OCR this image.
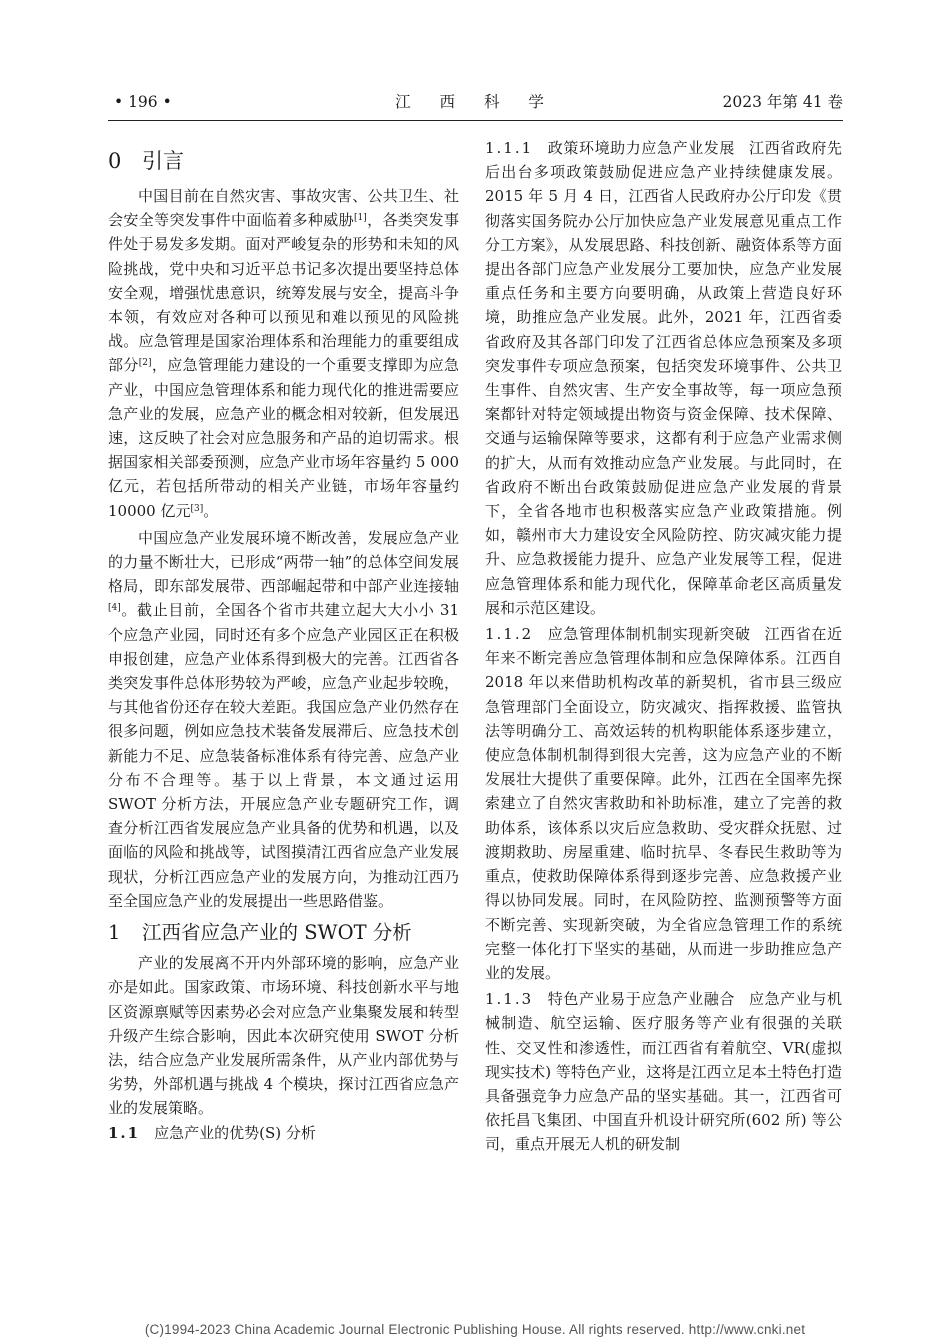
• 196 •	江 西 科 学	2023 年第 41 卷
0 引言

中国目前在自然灾害、事故灾害、公共卫生、社会安全等突发事件中面临着多种威胁[1]，各类突发事件处于易发多发期。面对严峻复杂的形势和未知的风险挑战，党中央和习近平总书记多次提出要坚持总体安全观，增强忧患意识，统筹发展与安全，提高斗争本领，有效应对各种可以预见和难以预见的风险挑战。应急管理是国家治理体系和治理能力的重要组成部分[2]，应急管理能力建设的一个重要支撑即为应急产业，中国应急管理体系和能力现代化的推进需要应急产业的发展，应急产业的概念相对较新，但发展迅速，这反映了社会对应急服务和产品的迫切需求。根据国家相关部委预测，应急产业市场年容量约 5 000 亿元，若包括所带动的相关产业链，市场年容量约10000 亿元[3]。

中国应急产业发展环境不断改善，发展应急产业的力量不断壮大，已形成“两带一轴”的总体空间发展格局，即东部发展带、西部崛起带和中部产业连接轴[4]。截止目前，全国各个省市共建立起大大小小 31 个应急产业园，同时还有多个应急产业园区正在积极申报创建，应急产业体系得到极大的完善。江西省各类突发事件总体形势较为严峻，应急产业起步较晚，与其他省份还存在较大差距。我国应急产业仍然存在很多问题，例如应急技术装备发展滞后、应急技术创新能力不足、应急装备标准体系有待完善、应急产业分布不合理等。基于以上背景，本文通过运用 SWOT 分析方法，开展应急产业专题研究工作，调查分析江西省发展应急产业具备的优势和机遇，以及面临的风险和挑战等，试图摸清江西省应急产业发展现状，分析江西应急产业的发展方向，为推动江西乃至全国应急产业的发展提出一些思路借鉴。

1 江西省应急产业的 SWOT 分析

产业的发展离不开内外部环境的影响，应急产业亦是如此。国家政策、市场环境、科技创新水平与地区资源禀赋等因素势必会对应急产业集聚发展和转型升级产生综合影响，因此本次研究使用 SWOT 分析法，结合应急产业发展所需条件，从产业内部优势与劣势，外部机遇与挑战 4 个模块，探讨江西省应急产业的发展策略。

1.1 应急产业的优势(S) 分析

1.1.1 政策环境助力应急产业发展 江西省政府先后出台多项政策鼓励促进应急产业持续健康发展。2015 年 5 月 4 日，江西省人民政府办公厅印发《贯彻落实国务院办公厅加快应急产业发展意见重点工作分工方案》，从发展思路、科技创新、融资体系等方面提出各部门应急产业发展分工要加快，应急产业发展重点任务和主要方向要明确，从政策上营造良好环境，助推应急产业发展。此外，2021 年，江西省委省政府及其各部门印发了江西省总体应急预案及多项突发事件专项应急预案，包括突发环境事件、公共卫生事件、自然灾害、生产安全事故等，每一项应急预案都针对特定领域提出物资与资金保障、技术保障、交通与运输保障等要求，这都有利于应急产业需求侧的扩大，从而有效推动应急产业发展。与此同时，在省政府不断出台政策鼓励促进应急产业发展的背景下，全省各地市也积极落实应急产业政策措施。例如，赣州市大力建设安全风险防控、防灾减灾能力提升、应急救援能力提升、应急产业发展等工程，促进应急管理体系和能力现代化，保障革命老区高质量发展和示范区建设。

1.1.2 应急管理体制机制实现新突破 江西省在近年来不断完善应急管理体制和应急保障体系。江西自 2018 年以来借助机构改革的新契机，省市县三级应急管理部门全面设立，防灾减灾、指挥救援、监管执法等明确分工、高效运转的机构职能体系逐步建立，使应急体制机制得到很大完善，这为应急产业的不断发展壮大提供了重要保障。此外，江西在全国率先探索建立了自然灾害救助和补助标准，建立了完善的救助体系，该体系以灾后应急救助、受灾群众抚慰、过渡期救助、房屋重建、临时抗旱、冬春民生救助等为重点，使救助保障体系得到逐步完善、应急救援产业得以协同发展。同时，在风险防控、监测预警等方面不断完善、实现新突破，为全省应急管理工作的系统完整一体化打下坚实的基础，从而进一步助推应急产业的发展。

1.1.3 特色产业易于应急产业融合 应急产业与机械制造、航空运输、医疗服务等产业有很强的关联性、交叉性和渗透性，而江西省有着航空、VR(虚拟现实技术) 等特色产业，这将是江西立足本土特色打造具备强竞争力应急产品的坚实基础。其一，江西省可依托昌飞集团、中国直升机设计研究所(602 所) 等公司，重点开展无人机的研发制

(C)1994-2023 China Academic Journal Electronic Publishing House. All rights reserved. http://www.cnki.net
